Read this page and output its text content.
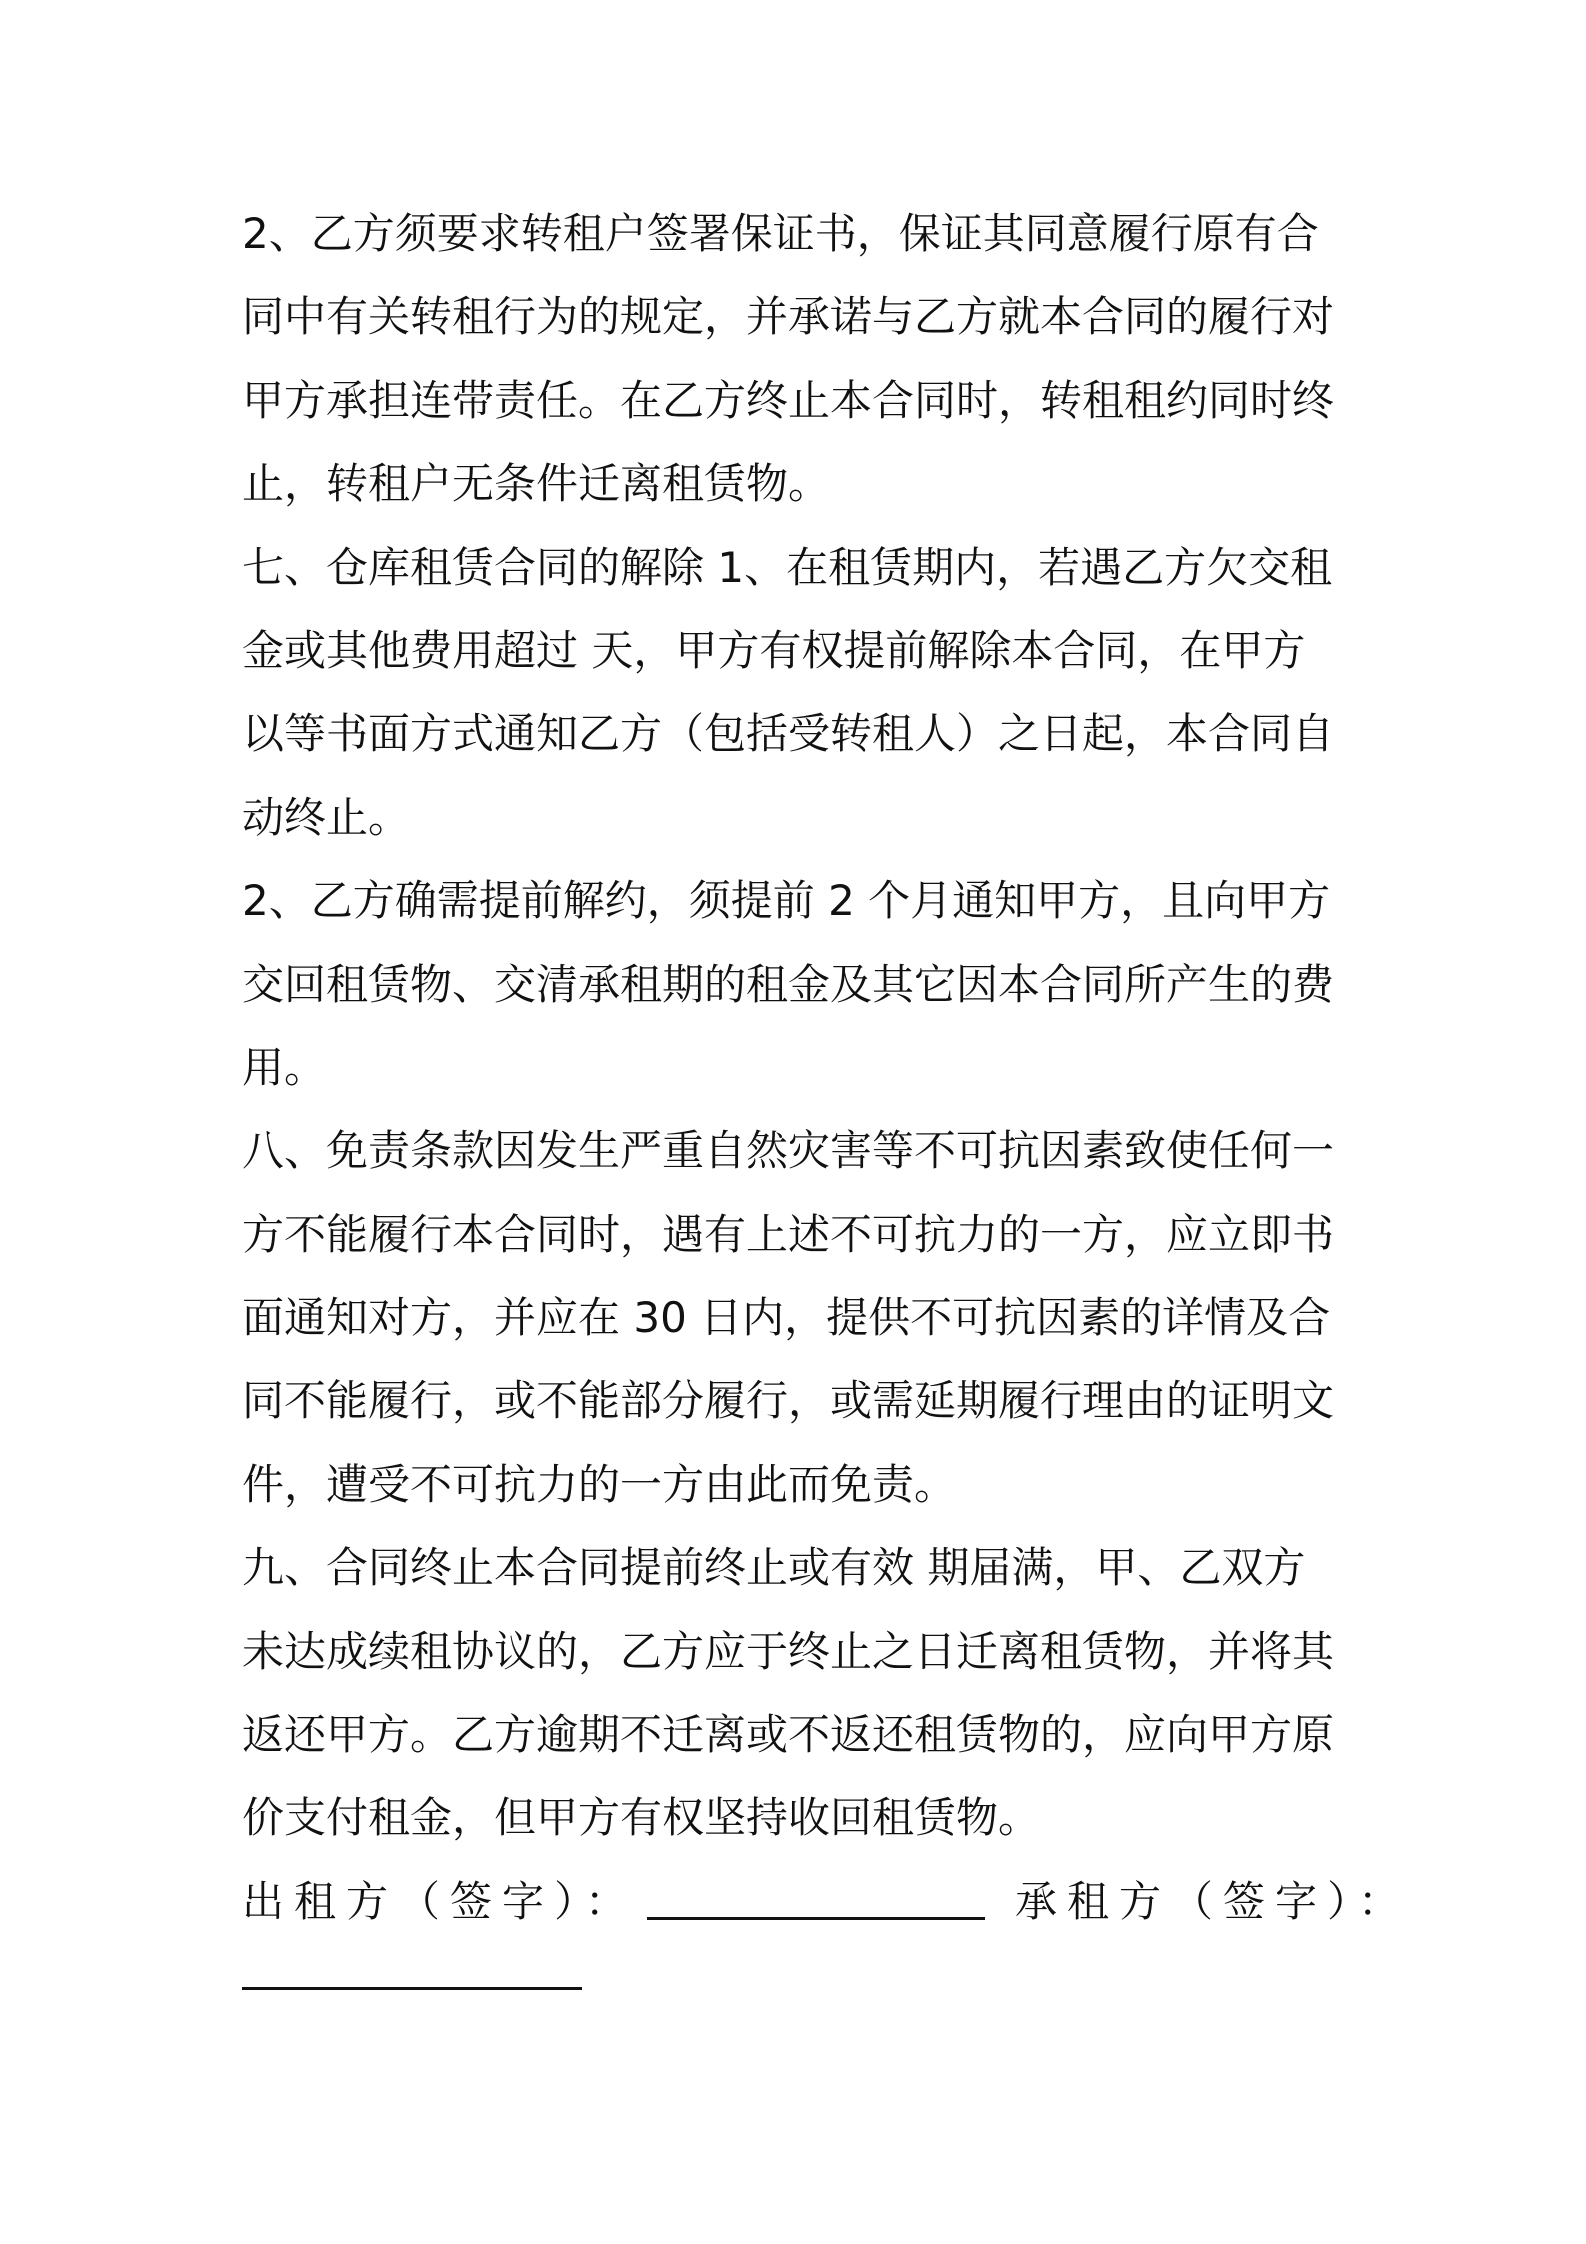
2、乙方须要求转租户签署保证书，保证其同意履行原有合
同中有关转租行为的规定，并承诺与乙方就本合同的履行对
甲方承担连带责任。在乙方终止本合同时，转租租约同时终
止，转租户无条件迁离租赁物。
七、仓库租赁合同的解除 1、在租赁期内，若遇乙方欠交租
金或其他费用超过 天，甲方有权提前解除本合同，在甲方
以等书面方式通知乙方（包括受转租人）之日起，本合同自
动终止。
2、乙方确需提前解约，须提前 2 个月通知甲方，且向甲方
交回租赁物、交清承租期的租金及其它因本合同所产生的费
用。
八、免责条款因发生严重自然灾害等不可抗因素致使任何一
方不能履行本合同时，遇有上述不可抗力的一方，应立即书
面通知对方，并应在 30 日内，提供不可抗因素的详情及合
同不能履行，或不能部分履行，或需延期履行理由的证明文
件，遭受不可抗力的一方由此而免责。
九、合同终止本合同提前终止或有效 期届满，甲、乙双方
未达成续租协议的，乙方应于终止之日迁离租赁物，并将其
返还甲方。乙方逾期不迁离或不返还租赁物的，应向甲方原
价支付租金，但甲方有权坚持收回租赁物。
出租方（签字）：	承租方（签字）：
